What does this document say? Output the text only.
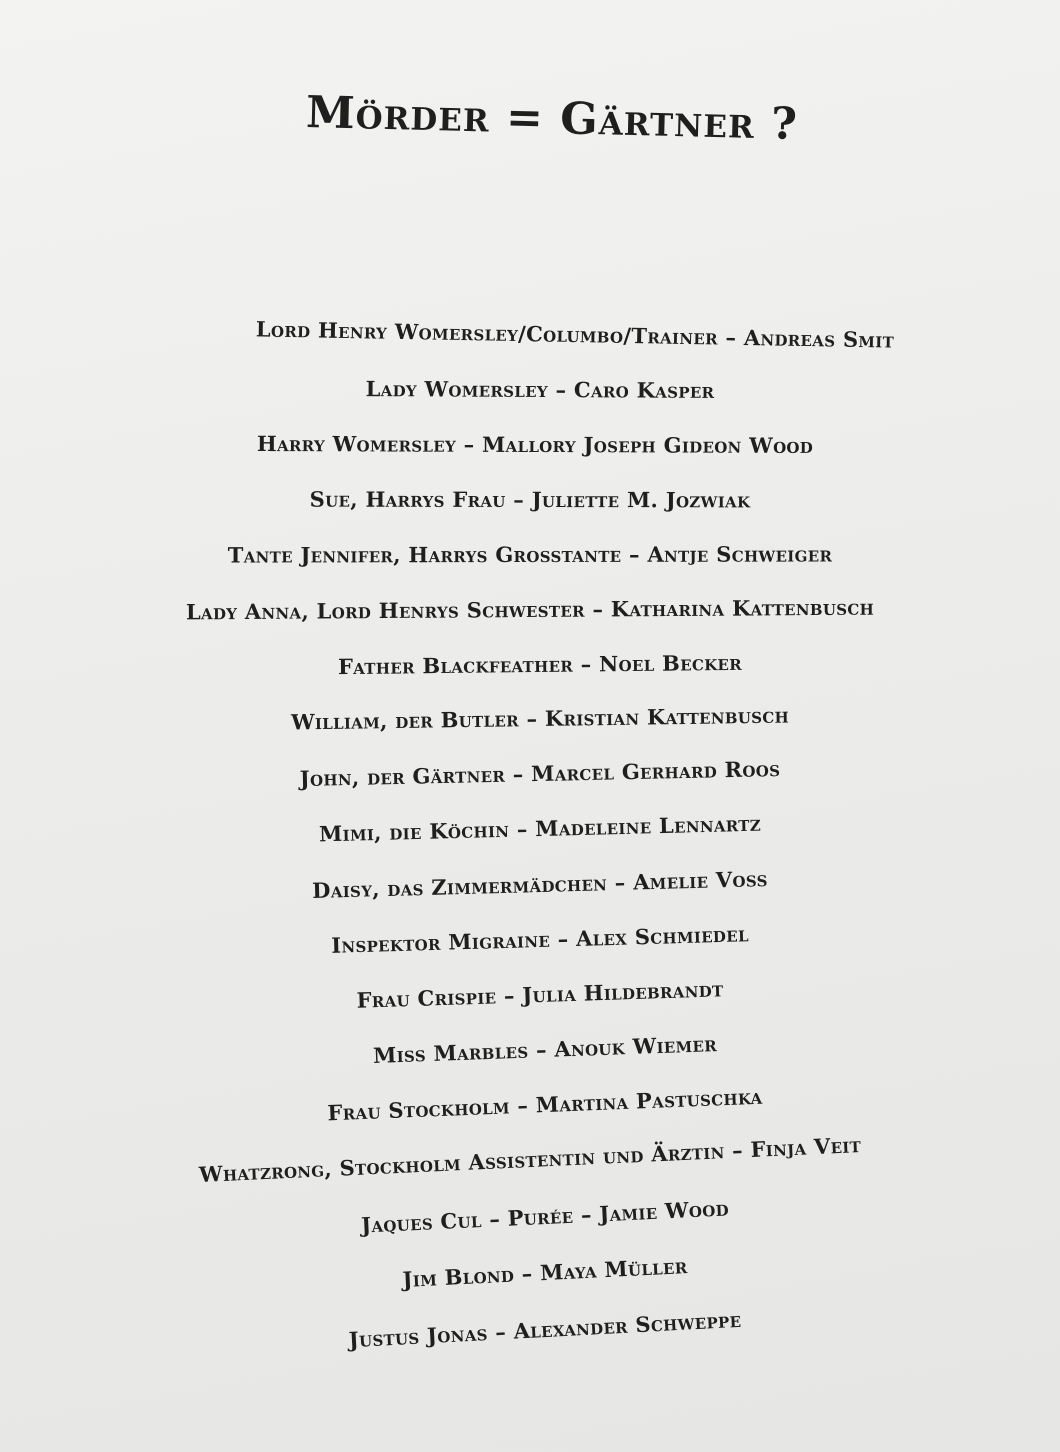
Mörder = Gärtner ?
Lord Henry Womersley/Columbo/Trainer – Andreas Smit
Lady Womersley – Caro Kasper
Harry Womersley – Mallory Joseph Gideon Wood
Sue, Harrys Frau – Juliette M. Jozwiak
Tante Jennifer, Harrys Grosstante – Antje Schweiger
Lady Anna, Lord Henrys Schwester – Katharina Kattenbusch
Father Blackfeather – Noel Becker
William, der Butler – Kristian Kattenbusch
John, der Gärtner – Marcel Gerhard Roos
Mimi, die Köchin – Madeleine Lennartz
Daisy, das Zimmermädchen – Amelie Voss
Inspektor Migraine – Alex Schmiedel
Frau Crispie – Julia Hildebrandt
Miss Marbles – Anouk Wiemer
Frau Stockholm – Martina Pastuschka
Whatzrong, Stockholm Assistentin und Ärztin – Finja Veit
Jaques Cul – Purée – Jamie Wood
Jim Blond – Maya Müller
Justus Jonas – Alexander Schweppe
